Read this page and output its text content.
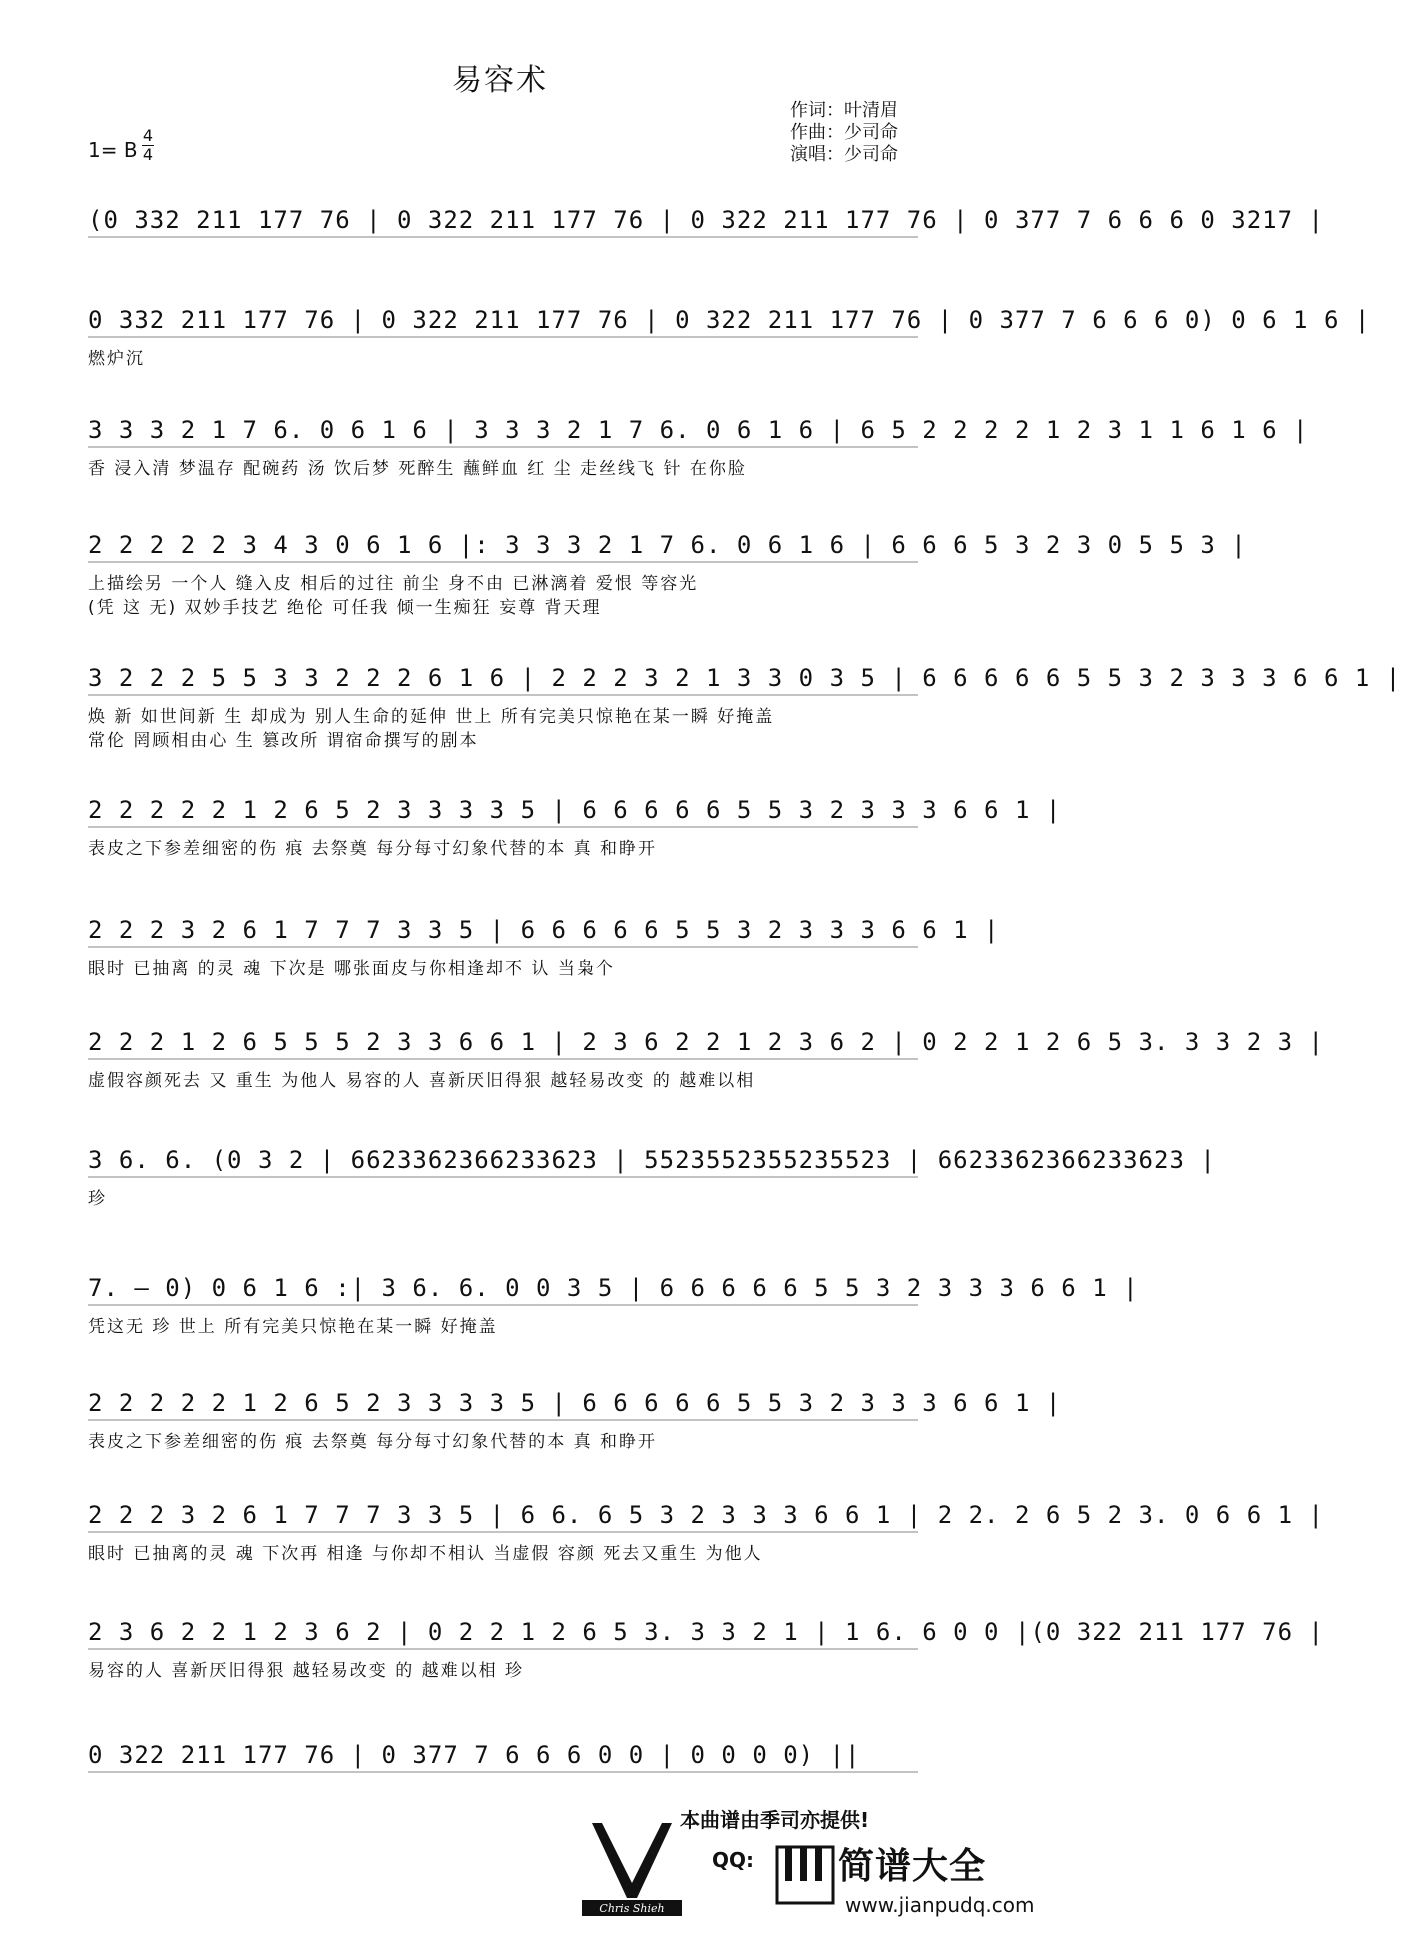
易容术
作词：叶清眉
作曲：少司命
演唱：少司命
1= B
4
4
(0 332 211 177 76 | 0 322 211 177 76 | 0 322 211 177 76 | 0 377 7 6 6 6 0 3217 |
0 332 211 177 76 | 0 322 211 177 76 | 0 322 211 177 76 | 0 377 7 6 6 6 0) 0 6 1 6 |
燃炉沉
3 3 3 2 1 7 6. 0 6 1 6 | 3 3 3 2 1 7 6. 0 6 1 6 | 6 5 2 2 2 2 1 2 3 1 1 6 1 6 |
香 浸入清 梦温存 配碗药 汤 饮后梦 死醉生 蘸鲜血 红 尘 走丝线飞 针 在你脸
2 2 2 2 2 3 4 3 0 6 1 6 |: 3 3 3 2 1 7 6. 0 6 1 6 | 6 6 6 5 3 2 3 0 5 5 3 |
上描绘另 一个人 缝入皮 相后的过往 前尘 身不由 已淋漓着 爱恨 等容光
(凭 这 无) 双妙手技艺 绝伦 可任我 倾一生痴狂 妄尊 背天理
3 2 2 2 5 5 3 3 2 2 2 6 1 6 | 2 2 2 3 2 1 3 3 0 3 5 | 6 6 6 6 6 5 5 3 2 3 3 3 6 6 1 |
焕 新 如世间新 生 却成为 别人生命的延伸 世上 所有完美只惊艳在某一瞬 好掩盖
常伦 罔顾相由心 生 篡改所 谓宿命撰写的剧本
2 2 2 2 2 1 2 6 5 2 3 3 3 3 5 | 6 6 6 6 6 5 5 3 2 3 3 3 6 6 1 |
表皮之下参差细密的伤 痕 去祭奠 每分每寸幻象代替的本 真 和睁开
2 2 2 3 2 6 1 7 7 7 3 3 5 | 6 6 6 6 6 5 5 3 2 3 3 3 6 6 1 |
眼时 已抽离 的灵 魂 下次是 哪张面皮与你相逢却不 认 当枭个
2 2 2 1 2 6 5 5 5 2 3 3 6 6 1 | 2 3 6 2 2 1 2 3 6 2 | 0 2 2 1 2 6 5 3. 3 3 2 3 |
虚假容颜死去 又 重生 为他人 易容的人 喜新厌旧得狠 越轻易改变 的 越难以相
3 6. 6. (0 3 2 | 6623362366233623 | 5523552355235523 | 6623362366233623 |
珍
7. — 0) 0 6 1 6 :| 3 6. 6. 0 0 3 5 | 6 6 6 6 6 5 5 3 2 3 3 3 6 6 1 |
凭这无 珍 世上 所有完美只惊艳在某一瞬 好掩盖
2 2 2 2 2 1 2 6 5 2 3 3 3 3 5 | 6 6 6 6 6 5 5 3 2 3 3 3 6 6 1 |
表皮之下参差细密的伤 痕 去祭奠 每分每寸幻象代替的本 真 和睁开
2 2 2 3 2 6 1 7 7 7 3 3 5 | 6 6. 6 5 3 2 3 3 3 6 6 1 | 2 2. 2 6 5 2 3. 0 6 6 1 |
眼时 已抽离的灵 魂 下次再 相逢 与你却不相认 当虚假 容颜 死去又重生 为他人
2 3 6 2 2 1 2 3 6 2 | 0 2 2 1 2 6 5 3. 3 3 2 1 | 1 6. 6 0 0 |(0 322 211 177 76 |
易容的人 喜新厌旧得狠 越轻易改变 的 越难以相 珍
0 322 211 177 76 | 0 377 7 6 6 6 0 0 | 0 0 0 0) ||
Chris Shieh
本曲谱由季司亦提供!
QQ: 简谱大全
www.jianpudq.com
